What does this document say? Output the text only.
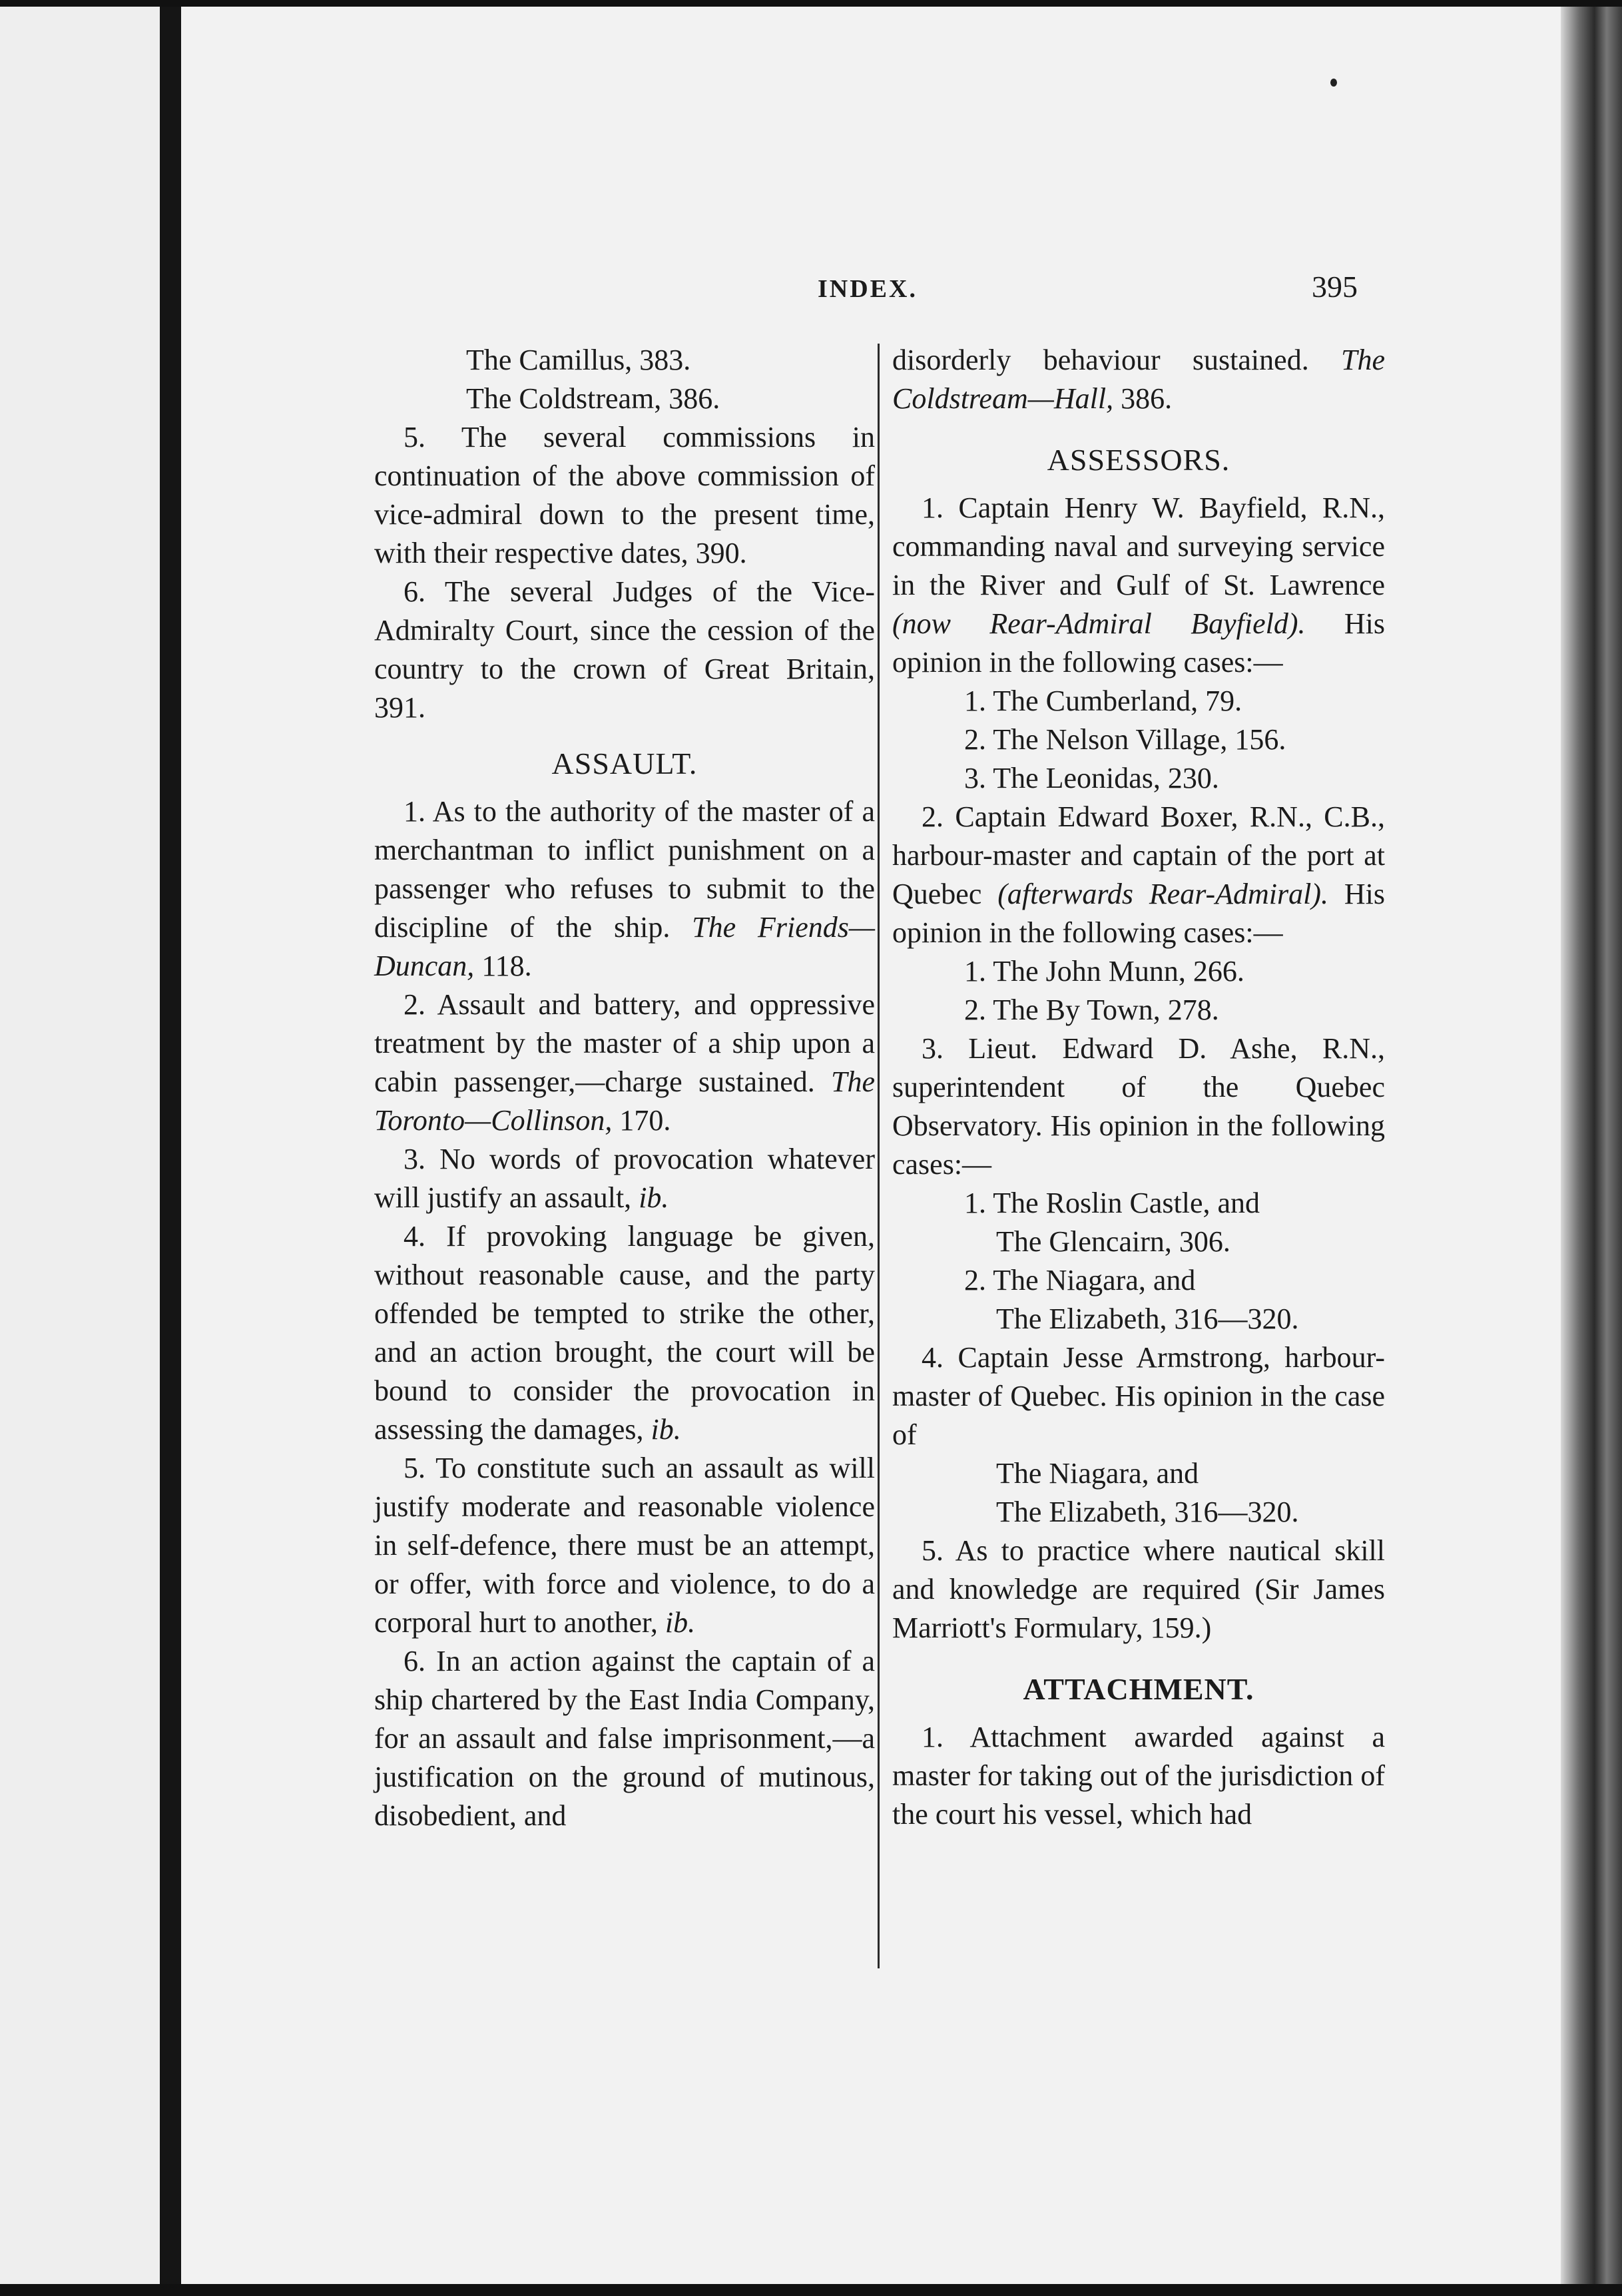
INDEX.	395

The Camillus, 383.

The Coldstream, 386.

5. The several commissions in continuation of the above commission of vice-admiral down to the present time, with their respective dates, 390.

6. The several Judges of the Vice-Admiralty Court, since the cession of the country to the crown of Great Britain, 391.

ASSAULT.

1. As to the authority of the master of a merchantman to inflict punishment on a passenger who refuses to submit to the discipline of the ship. The Friends—Duncan, 118.

2. Assault and battery, and oppressive treatment by the master of a ship upon a cabin passenger,—charge sustained. The Toronto—Collinson, 170.

3. No words of provocation whatever will justify an assault, ib.

4. If provoking language be given, without reasonable cause, and the party offended be tempted to strike the other, and an action brought, the court will be bound to consider the provocation in assessing the damages, ib.

5. To constitute such an assault as will justify moderate and reasonable violence in self-defence, there must be an attempt, or offer, with force and violence, to do a corporal hurt to another, ib.

6. In an action against the captain of a ship chartered by the East India Company, for an assault and false imprisonment,—a justification on the ground of mutinous, disobedient, and

disorderly behaviour sustained. The Coldstream—Hall, 386.

ASSESSORS.

1. Captain Henry W. Bayfield, R.N., commanding naval and surveying service in the River and Gulf of St. Lawrence (now Rear-Admiral Bayfield). His opinion in the following cases:—

1. The Cumberland, 79.

2. The Nelson Village, 156.

3. The Leonidas, 230.

2. Captain Edward Boxer, R.N., C.B., harbour-master and captain of the port at Quebec (afterwards Rear-Admiral). His opinion in the following cases:—

1. The John Munn, 266.

2. The By Town, 278.

3. Lieut. Edward D. Ashe, R.N., superintendent of the Quebec Observatory. His opinion in the following cases:—

1. The Roslin Castle, and

The Glencairn, 306.

2. The Niagara, and

The Elizabeth, 316—320.

4. Captain Jesse Armstrong, harbour-master of Quebec. His opinion in the case of

The Niagara, and

The Elizabeth, 316—320.

5. As to practice where nautical skill and knowledge are required (Sir James Marriott's Formulary, 159.)

ATTACHMENT.

1. Attachment awarded against a master for taking out of the jurisdiction of the court his vessel, which had
